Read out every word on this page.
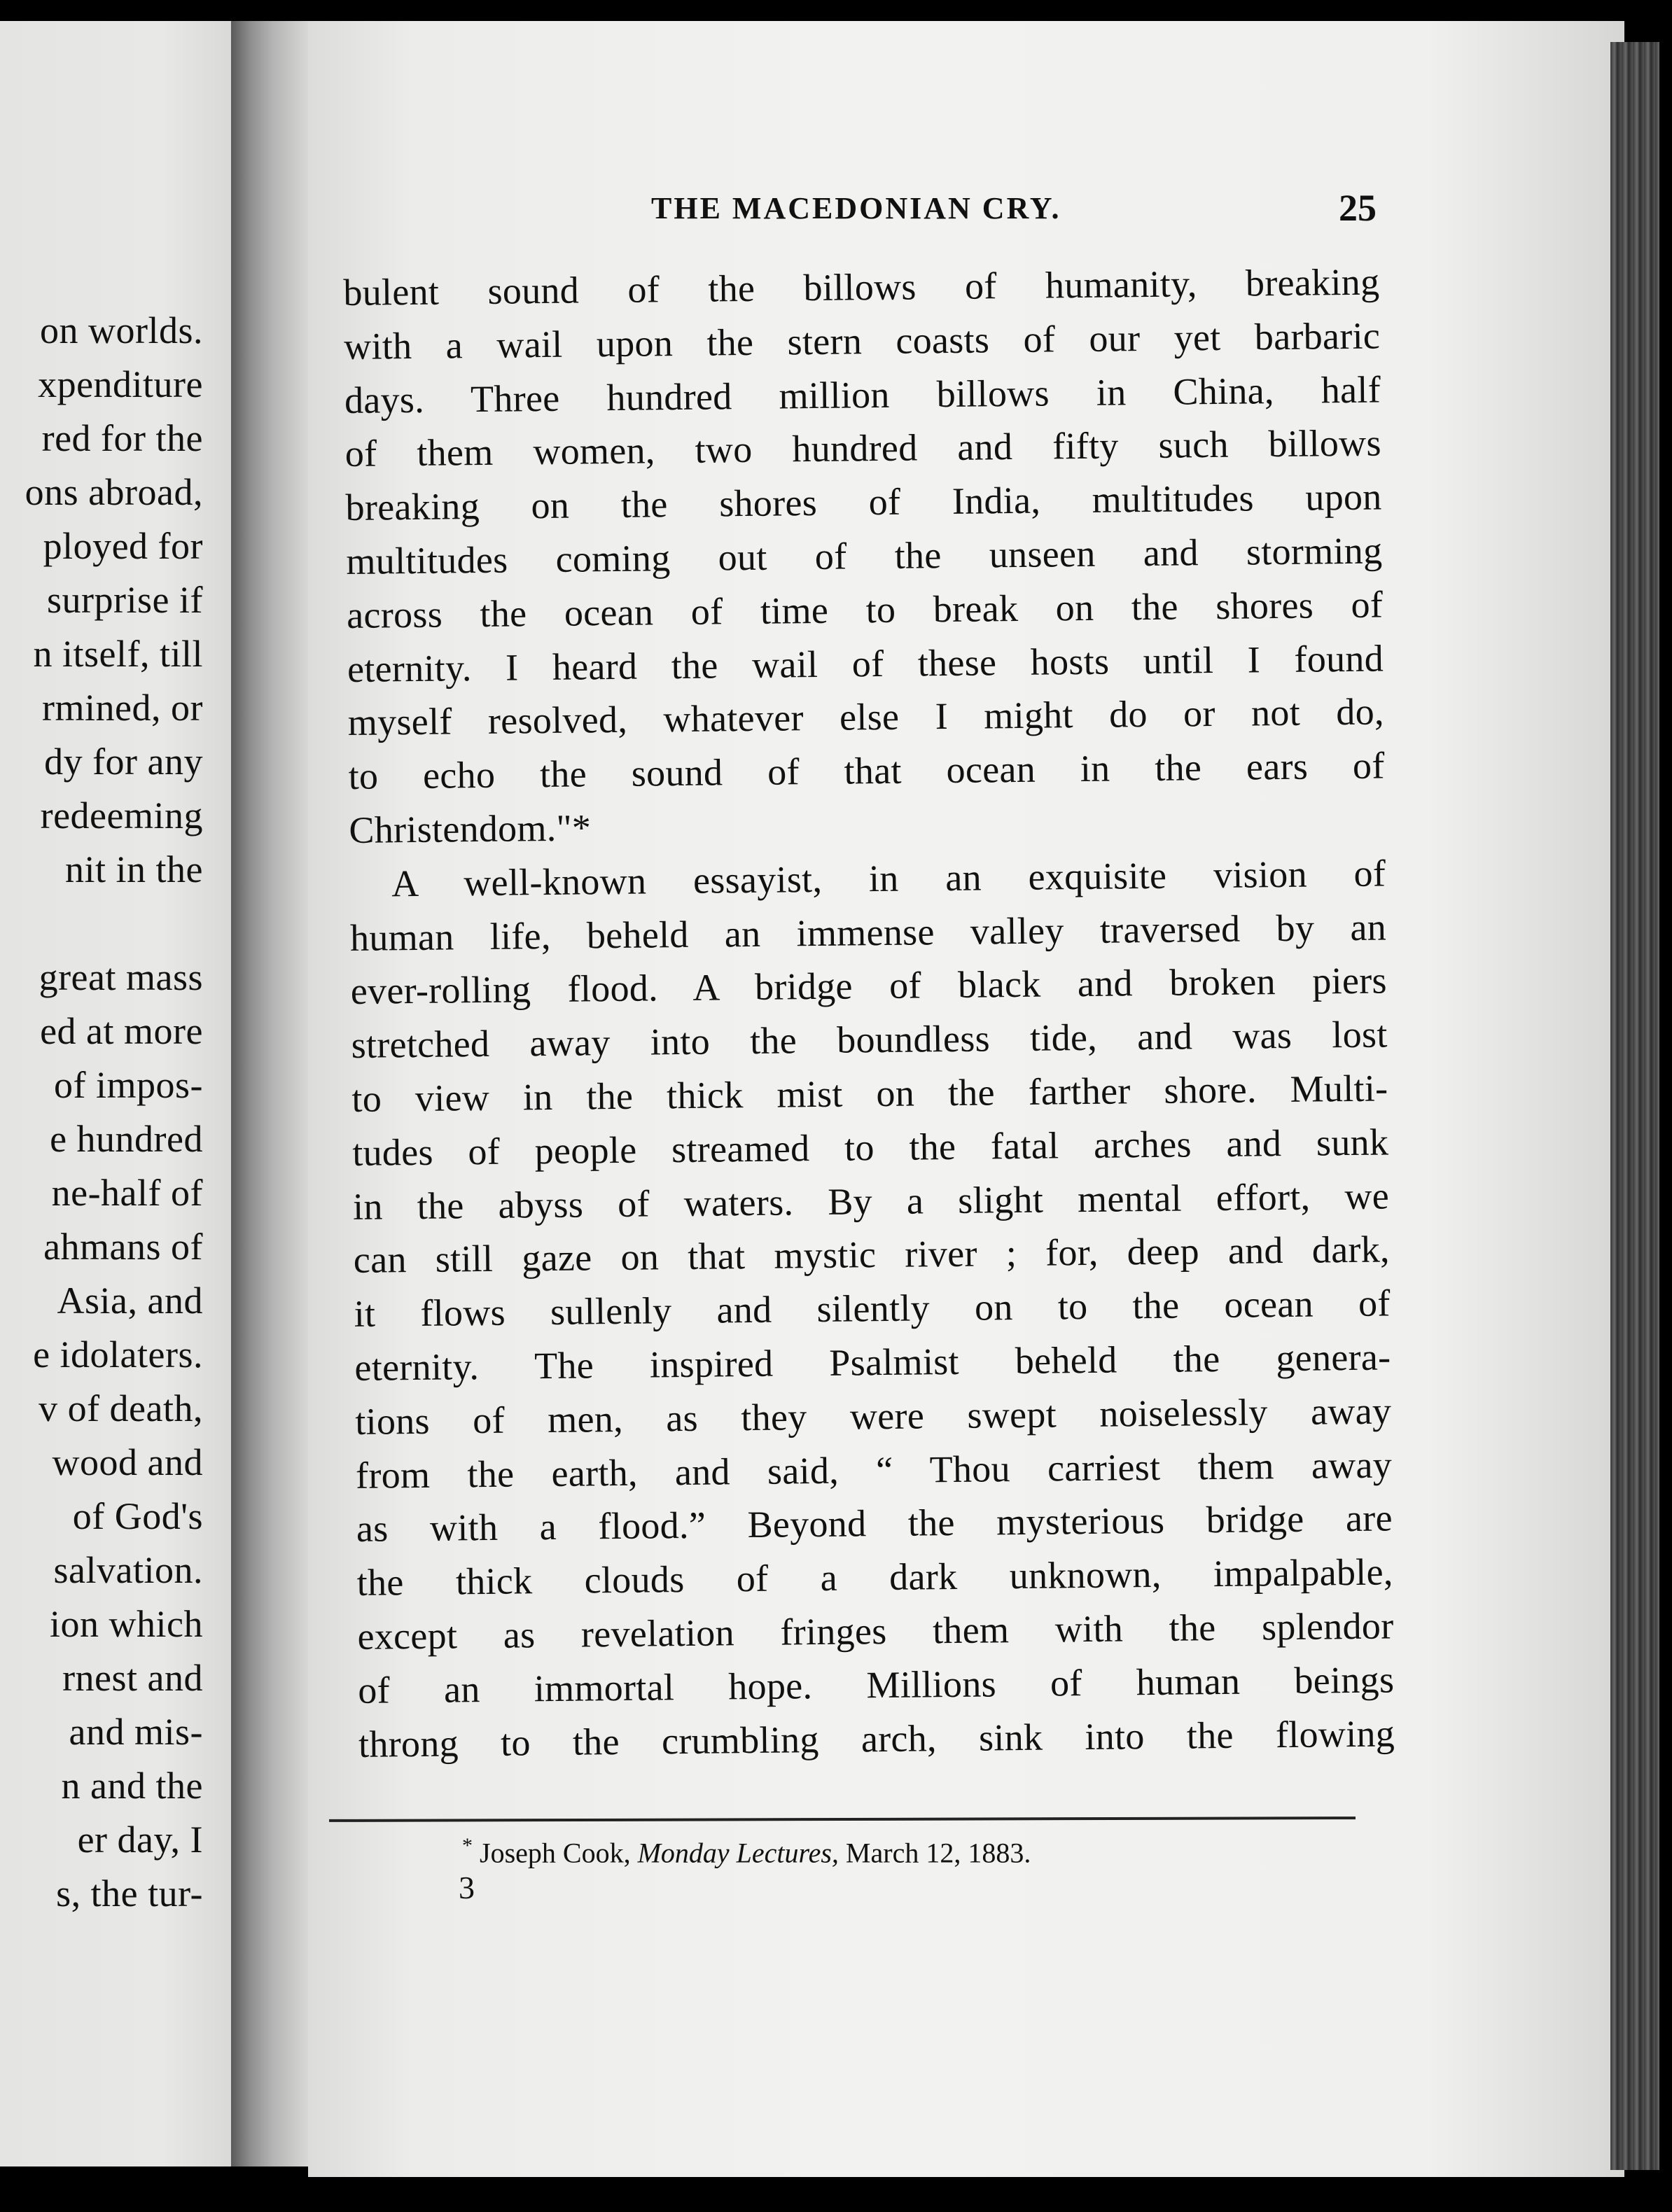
on worlds.
xpenditure
red for the
ons abroad,
ployed for
surprise if
n itself, till
rmined, or
dy for any
redeeming
nit in the
great mass
ed at more
of impos-
e hundred
ne-half of
ahmans of
Asia, and
e idolaters.
v of death,
wood and
of God's
salvation.
ion which
rnest and
and mis-
n and the
er day, I
s, the tur-
THE MACEDONIAN CRY.	25
bulent sound of the billows of humanity, breaking
with a wail upon the stern coasts of our yet barbaric
days. Three hundred million billows in China, half
of them women, two hundred and fifty such billows
breaking on the shores of India, multitudes upon
multitudes coming out of the unseen and storming
across the ocean of time to break on the shores of
eternity. I heard the wail of these hosts until I found
myself resolved, whatever else I might do or not do,
to echo the sound of that ocean in the ears of
Christendom."*
A well-known essayist, in an exquisite vision of
human life, beheld an immense valley traversed by an
ever-rolling flood. A bridge of black and broken piers
stretched away into the boundless tide, and was lost
to view in the thick mist on the farther shore. Multi-
tudes of people streamed to the fatal arches and sunk
in the abyss of waters. By a slight mental effort, we
can still gaze on that mystic river ; for, deep and dark,
it flows sullenly and silently on to the ocean of
eternity. The inspired Psalmist beheld the genera-
tions of men, as they were swept noiselessly away
from the earth, and said, “ Thou carriest them away
as with a flood.” Beyond the mysterious bridge are
the thick clouds of a dark unknown, impalpable,
except as revelation fringes them with the splendor
of an immortal hope. Millions of human beings
throng to the crumbling arch, sink into the flowing
* Joseph Cook, Monday Lectures, March 12, 1883.
3
